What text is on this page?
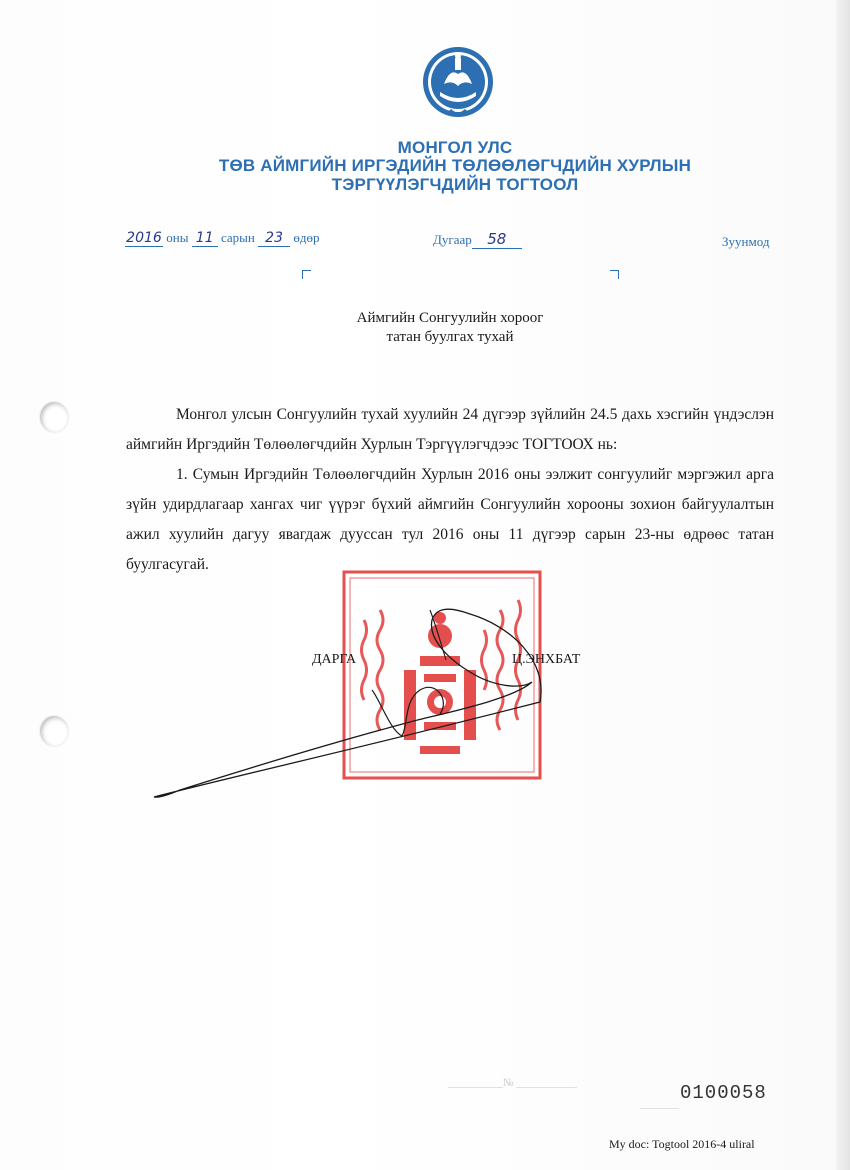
МОНГОЛ УЛС
ТӨВ АЙМГИЙН ИРГЭДИЙН ТӨЛӨӨЛӨГЧДИЙН ХУРЛЫН
ТЭРГҮҮЛЭГЧДИЙН ТОГТООЛ
2016 оны 11 сарын 23 өдөр	Дугаар 58	Зуунмод
Аймгийн Сонгуулийн хороог
татан буулгах тухай

Монгол улсын Сонгуулийн тухай хуулийн 24 дүгээр зүйлийн 24.5 дахь хэсгийн үндэслэн аймгийн Иргэдийн Төлөөлөгчдийн Хурлын Тэргүүлэгчдээс ТОГТООХ нь:

1. Сумын Иргэдийн Төлөөлөгчдийн Хурлын 2016 оны ээлжит сонгуулийг мэргэжил арга зүйн удирдлагаар хангах чиг үүрэг бүхий аймгийн Сонгуулийн хорооны зохион байгуулалтын ажил хуулийн дагуу явагдаж дууссан тул 2016 оны 11 дүгээр сарын 23-ны өдрөөс татан буулгасугай.

ДАРГА	Ц.ЭНХБАТ
__________№ ___________
_______ 0100058
My doc: Togtool 2016-4 uliral
